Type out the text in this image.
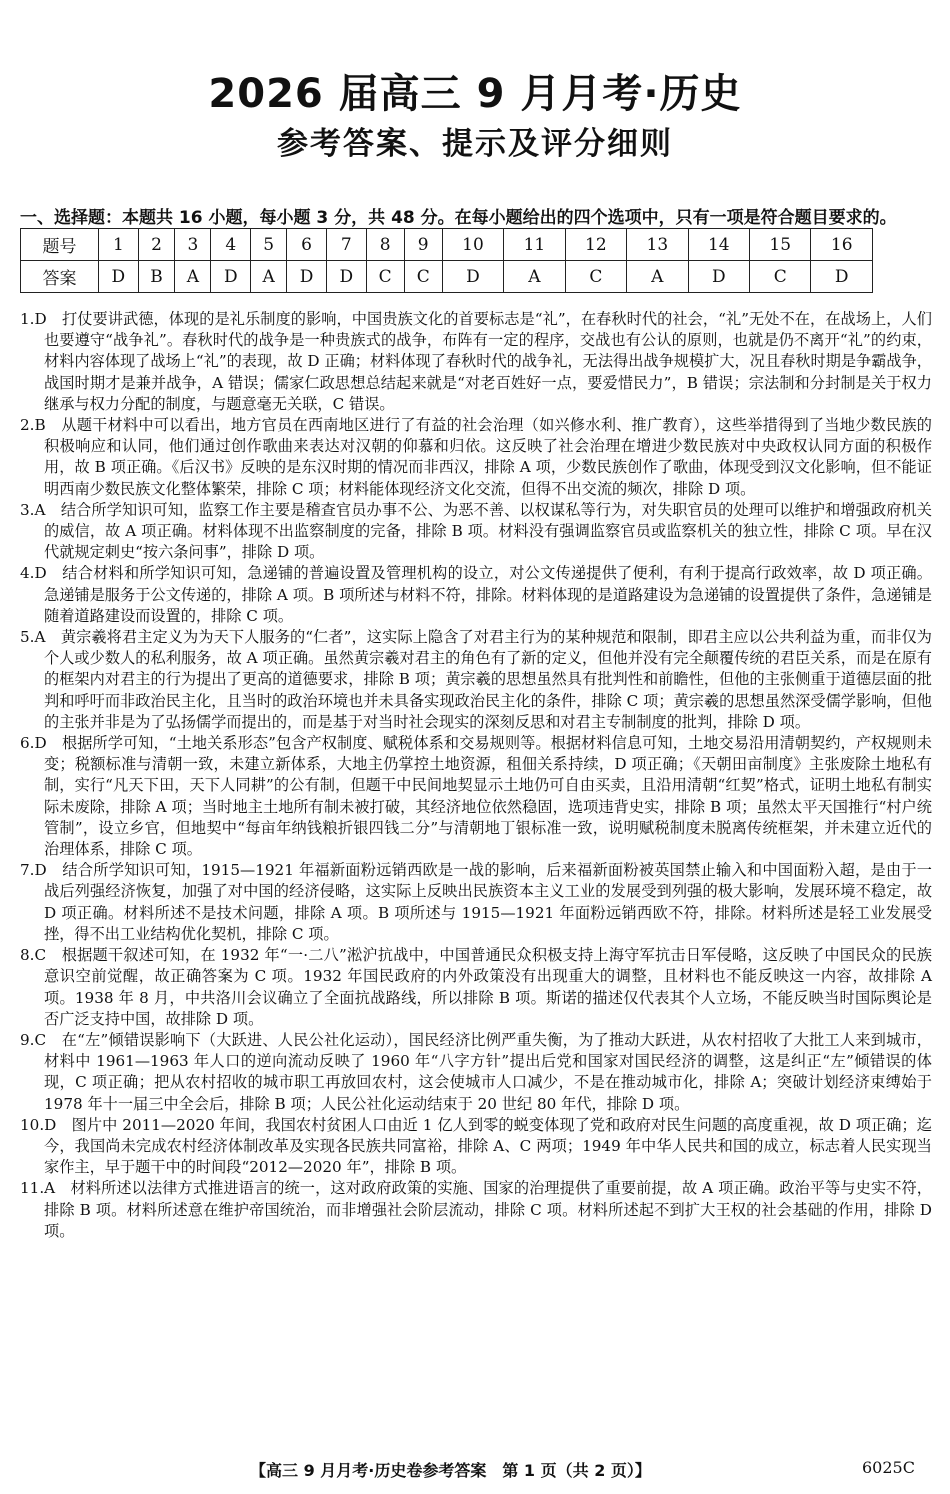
2026 届高三 9 月月考·历史
参考答案、提示及评分细则
一、选择题：本题共 16 小题，每小题 3 分，共 48 分。在每小题给出的四个选项中，只有一项是符合题目要求的。
题号	1	2	3	4	5	6	7	8	9	10	11	12	13	14	15	16
答案	D	B	A	D	A	D	D	C	C	D	A	C	A	D	C	D

1.D　打仗要讲武德，体现的是礼乐制度的影响，中国贵族文化的首要标志是“礼”，在春秋时代的社会，“礼”无处不在，在战场上，人们也要遵守“战争礼”。春秋时代的战争是一种贵族式的战争，布阵有一定的程序，交战也有公认的原则，也就是仍不离开“礼”的约束，材料内容体现了战场上“礼”的表现，故 D 正确；材料体现了春秋时代的战争礼，无法得出战争规模扩大，况且春秋时期是争霸战争，战国时期才是兼并战争，A 错误；儒家仁政思想总结起来就是“对老百姓好一点，要爱惜民力”，B 错误；宗法制和分封制是关于权力继承与权力分配的制度，与题意毫无关联，C 错误。

2.B　从题干材料中可以看出，地方官员在西南地区进行了有益的社会治理（如兴修水利、推广教育），这些举措得到了当地少数民族的积极响应和认同，他们通过创作歌曲来表达对汉朝的仰慕和归依。这反映了社会治理在增进少数民族对中央政权认同方面的积极作用，故 B 项正确。《后汉书》反映的是东汉时期的情况而非西汉，排除 A 项，少数民族创作了歌曲，体现受到汉文化影响，但不能证明西南少数民族文化整体繁荣，排除 C 项；材料能体现经济文化交流，但得不出交流的频次，排除 D 项。

3.A　结合所学知识可知，监察工作主要是稽查官员办事不公、为恶不善、以权谋私等行为，对失职官员的处理可以维护和增强政府机关的威信，故 A 项正确。材料体现不出监察制度的完备，排除 B 项。材料没有强调监察官员或监察机关的独立性，排除 C 项。早在汉代就规定刺史“按六条问事”，排除 D 项。

4.D　结合材料和所学知识可知，急递铺的普遍设置及管理机构的设立，对公文传递提供了便利，有利于提高行政效率，故 D 项正确。急递铺是服务于公文传递的，排除 A 项。B 项所述与材料不符，排除。材料体现的是道路建设为急递铺的设置提供了条件，急递铺是随着道路建设而设置的，排除 C 项。

5.A　黄宗羲将君主定义为为天下人服务的“仁者”，这实际上隐含了对君主行为的某种规范和限制，即君主应以公共利益为重，而非仅为个人或少数人的私利服务，故 A 项正确。虽然黄宗羲对君主的角色有了新的定义，但他并没有完全颠覆传统的君臣关系，而是在原有的框架内对君主的行为提出了更高的道德要求，排除 B 项；黄宗羲的思想虽然具有批判性和前瞻性，但他的主张侧重于道德层面的批判和呼吁而非政治民主化，且当时的政治环境也并未具备实现政治民主化的条件，排除 C 项；黄宗羲的思想虽然深受儒学影响，但他的主张并非是为了弘扬儒学而提出的，而是基于对当时社会现实的深刻反思和对君主专制制度的批判，排除 D 项。

6.D　根据所学可知，“土地关系形态”包含产权制度、赋税体系和交易规则等。根据材料信息可知，土地交易沿用清朝契约，产权规则未变；税额标准与清朝一致，未建立新体系，大地主仍掌控土地资源，租佃关系持续，D 项正确；《天朝田亩制度》主张废除土地私有制，实行“凡天下田，天下人同耕”的公有制，但题干中民间地契显示土地仍可自由买卖，且沿用清朝“红契”格式，证明土地私有制实际未废除，排除 A 项；当时地主土地所有制未被打破，其经济地位依然稳固，选项违背史实，排除 B 项；虽然太平天国推行“村户统管制”，设立乡官，但地契中“每亩年纳钱粮折银四钱二分”与清朝地丁银标准一致，说明赋税制度未脱离传统框架，并未建立近代的治理体系，排除 C 项。

7.D　结合所学知识可知，1915—1921 年福新面粉远销西欧是一战的影响，后来福新面粉被英国禁止输入和中国面粉入超，是由于一战后列强经济恢复，加强了对中国的经济侵略，这实际上反映出民族资本主义工业的发展受到列强的极大影响，发展环境不稳定，故 D 项正确。材料所述不是技术问题，排除 A 项。B 项所述与 1915—1921 年面粉远销西欧不符，排除。材料所述是轻工业发展受挫，得不出工业结构优化契机，排除 C 项。

8.C　根据题干叙述可知，在 1932 年“一·二八”淞沪抗战中，中国普通民众积极支持上海守军抗击日军侵略，这反映了中国民众的民族意识空前觉醒，故正确答案为 C 项。1932 年国民政府的内外政策没有出现重大的调整，且材料也不能反映这一内容，故排除 A 项。1938 年 8 月，中共洛川会议确立了全面抗战路线，所以排除 B 项。斯诺的描述仅代表其个人立场，不能反映当时国际舆论是否广泛支持中国，故排除 D 项。

9.C　在“左”倾错误影响下（大跃进、人民公社化运动），国民经济比例严重失衡，为了推动大跃进，从农村招收了大批工人来到城市，材料中 1961—1963 年人口的逆向流动反映了 1960 年“八字方针”提出后党和国家对国民经济的调整，这是纠正“左”倾错误的体现，C 项正确；把从农村招收的城市职工再放回农村，这会使城市人口减少，不是在推动城市化，排除 A；突破计划经济束缚始于 1978 年十一届三中全会后，排除 B 项；人民公社化运动结束于 20 世纪 80 年代，排除 D 项。

10.D　图片中 2011—2020 年间，我国农村贫困人口由近 1 亿人到零的蜕变体现了党和政府对民生问题的高度重视，故 D 项正确；迄今，我国尚未完成农村经济体制改革及实现各民族共同富裕，排除 A、C 两项；1949 年中华人民共和国的成立，标志着人民实现当家作主，早于题干中的时间段“2012—2020 年”，排除 B 项。

11.A　材料所述以法律方式推进语言的统一，这对政府政策的实施、国家的治理提供了重要前提，故 A 项正确。政治平等与史实不符，排除 B 项。材料所述意在维护帝国统治，而非增强社会阶层流动，排除 C 项。材料所述起不到扩大王权的社会基础的作用，排除 D 项。

【高三 9 月月考·历史卷参考答案　第 1 页（共 2 页）】	6025C
